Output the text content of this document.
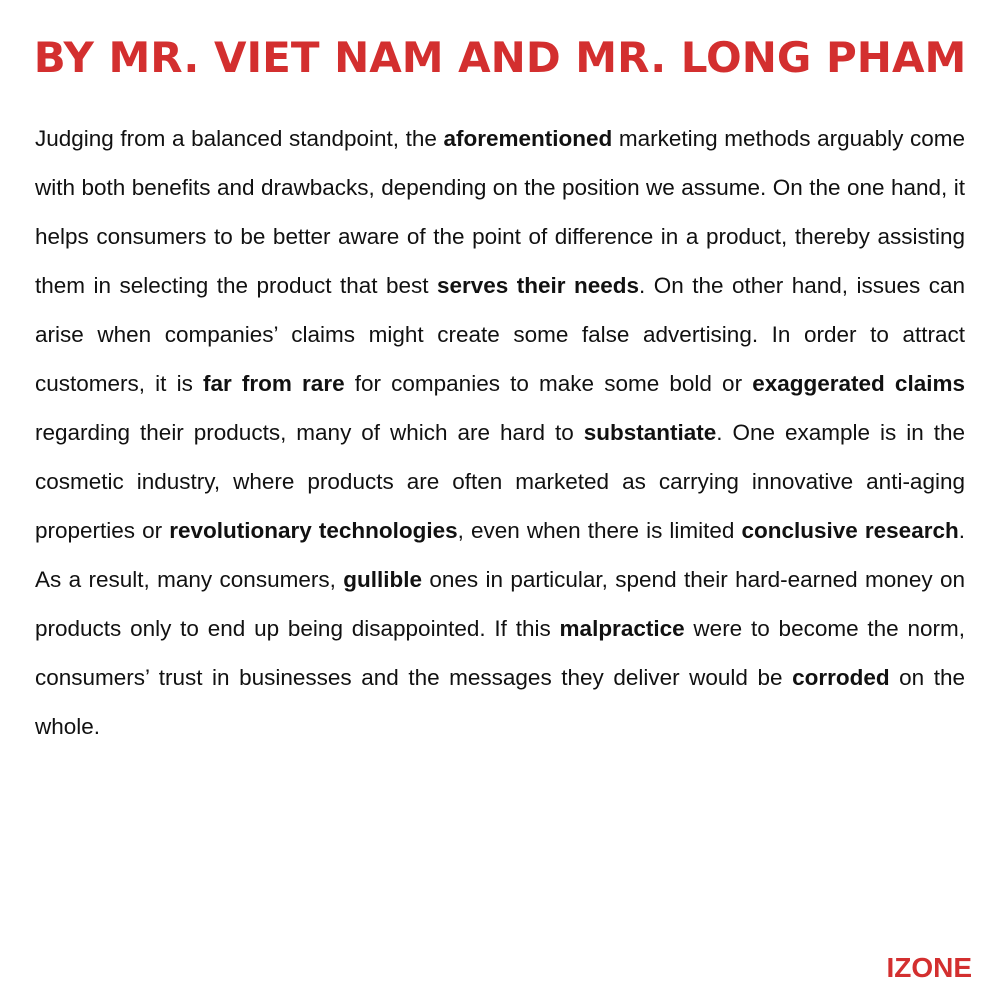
BY MR. VIET NAM AND MR. LONG PHAM
Judging from a balanced standpoint, the aforementioned marketing methods arguably come with both benefits and drawbacks, depending on the position we assume. On the one hand, it helps consumers to be better aware of the point of difference in a product, thereby assisting them in selecting the product that best serves their needs. On the other hand, issues can arise when companies’ claims might create some false advertising. In order to attract customers, it is far from rare for companies to make some bold or exaggerated claims regarding their products, many of which are hard to substantiate. One example is in the cosmetic industry, where products are often marketed as carrying innovative anti-aging properties or revolutionary technologies, even when there is limited conclusive research. As a result, many consumers, gullible ones in particular, spend their hard-earned money on products only to end up being disappointed. If this malpractice were to become the norm, consumers’ trust in businesses and the messages they deliver would be corroded on the whole.
IZONE
